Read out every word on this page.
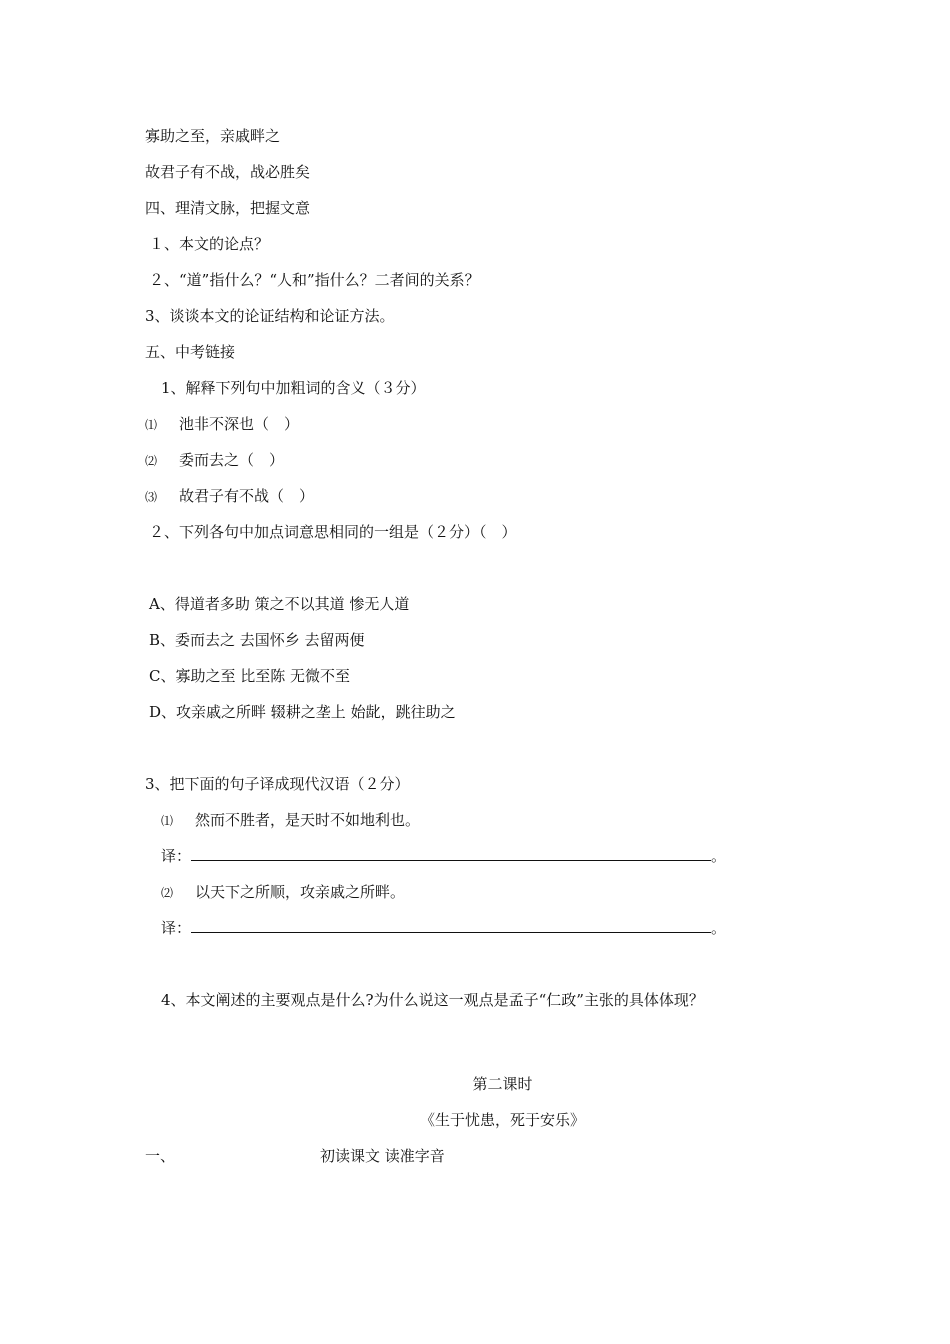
寡助之至，亲戚畔之
故君子有不战，战必胜矣
四、理清文脉，把握文意
１、本文的论点？
２、“道”指什么？“人和”指什么？二者间的关系？
3、谈谈本文的论证结构和论证方法。
五、中考链接
1、解释下列句中加粗词的含义（３分）
⑴ 池非不深也（　）
⑵ 委而去之（　）
⑶ 故君子有不战（　）
２、下列各句中加点词意思相同的一组是（２分）（　）
A、得道者多助 策之不以其道 惨无人道
B、委而去之 去国怀乡 去留两便
C、寡助之至 比至陈 无微不至
D、攻亲戚之所畔 辍耕之垄上 始龀，跳往助之
3、把下面的句子译成现代汉语（２分）
⑴ 然而不胜者，是天时不如地利也。
译：	。
⑵ 以天下之所顺，攻亲戚之所畔。
译：	。
4、本文阐述的主要观点是什么?为什么说这一观点是孟子“仁政”主张的具体体现？
第二课时
《生于忧患，死于安乐》
一、	初读课文 读准字音
